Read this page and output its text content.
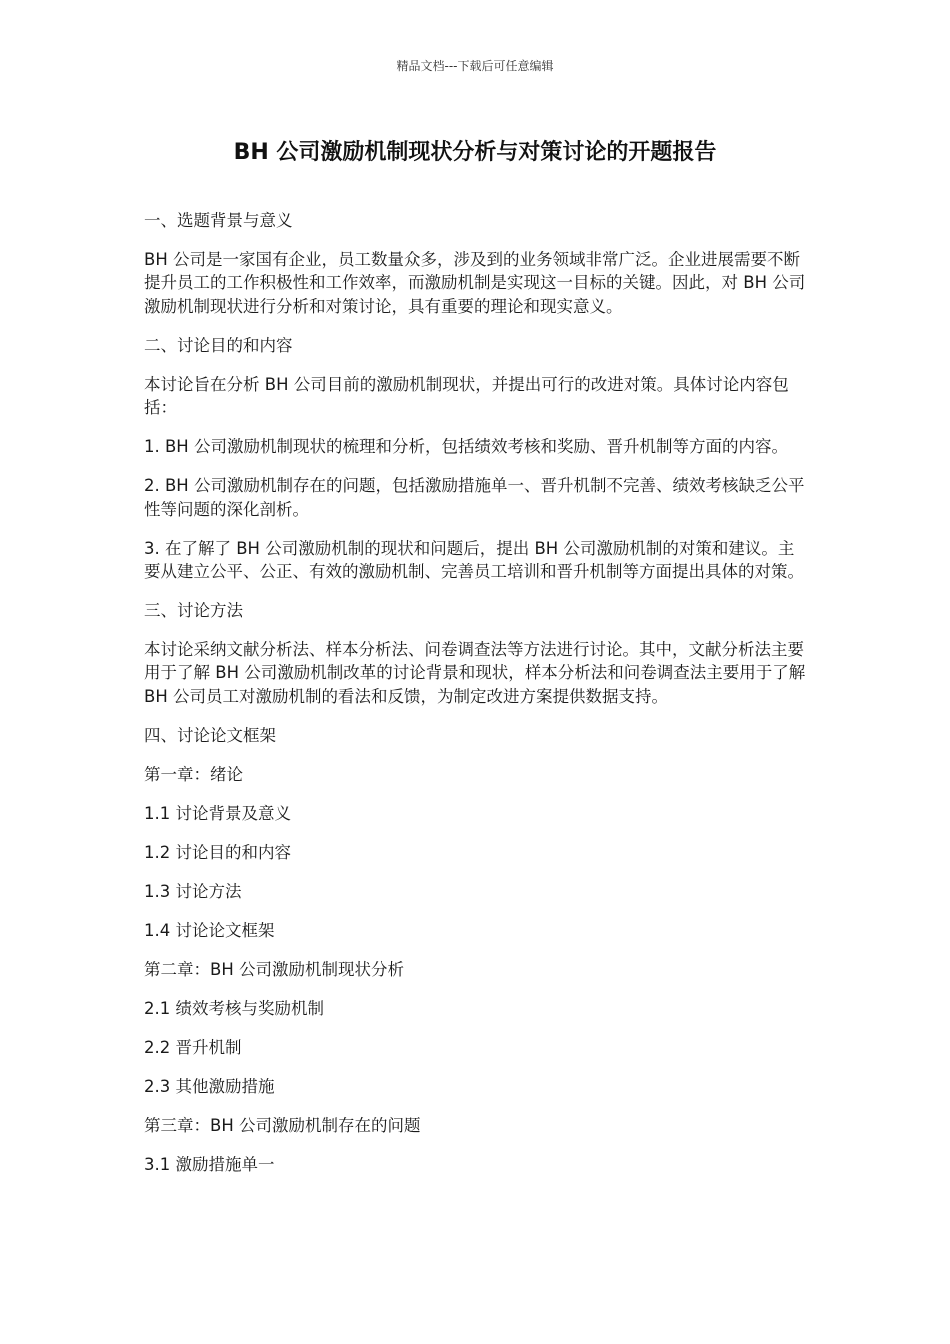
精品文档---下载后可任意编辑
BH 公司激励机制现状分析与对策讨论的开题报告

一、选题背景与意义

BH 公司是一家国有企业，员工数量众多，涉及到的业务领域非常广泛。企业进展需要不断提升员工的工作积极性和工作效率，而激励机制是实现这一目标的关键。因此，对 BH 公司激励机制现状进行分析和对策讨论，具有重要的理论和现实意义。

二、讨论目的和内容

本讨论旨在分析 BH 公司目前的激励机制现状，并提出可行的改进对策。具体讨论内容包括：

1. BH 公司激励机制现状的梳理和分析，包括绩效考核和奖励、晋升机制等方面的内容。

2. BH 公司激励机制存在的问题，包括激励措施单一、晋升机制不完善、绩效考核缺乏公平性等问题的深化剖析。

3. 在了解了 BH 公司激励机制的现状和问题后，提出 BH 公司激励机制的对策和建议。主要从建立公平、公正、有效的激励机制、完善员工培训和晋升机制等方面提出具体的对策。

三、讨论方法

本讨论采纳文献分析法、样本分析法、问卷调查法等方法进行讨论。其中，文献分析法主要用于了解 BH 公司激励机制改革的讨论背景和现状，样本分析法和问卷调查法主要用于了解 BH 公司员工对激励机制的看法和反馈，为制定改进方案提供数据支持。

四、讨论论文框架

第一章：绪论

1.1 讨论背景及意义

1.2 讨论目的和内容

1.3 讨论方法

1.4 讨论论文框架

第二章：BH 公司激励机制现状分析

2.1 绩效考核与奖励机制

2.2 晋升机制

2.3 其他激励措施

第三章：BH 公司激励机制存在的问题

3.1 激励措施单一
